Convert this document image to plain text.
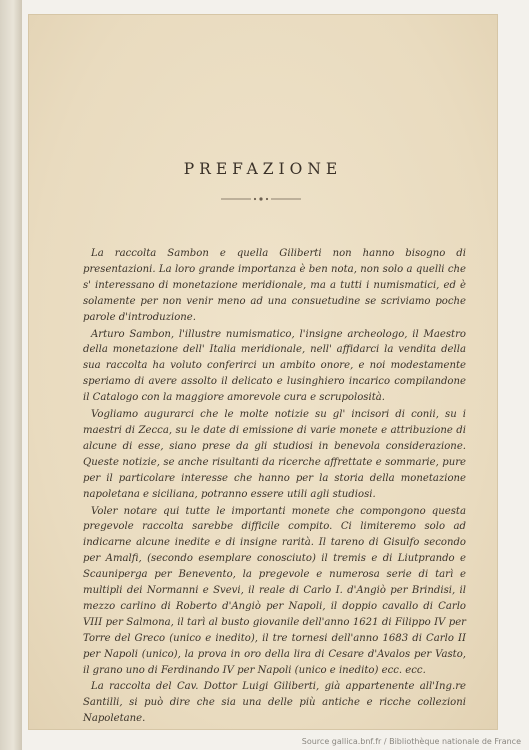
PREFAZIONE

La raccolta Sambon e quella Giliberti non hanno bisogno di presentazioni. La loro grande importanza è ben nota, non solo a quelli che s' interessano di monetazione meridionale, ma a tutti i numismatici, ed è solamente per non venir meno ad una consuetudine se scriviamo poche parole d'introduzione.

Arturo Sambon, l'illustre numismatico, l'insigne archeologo, il Maestro della monetazione dell' Italia meridionale, nell' affidarci la vendita della sua raccolta ha voluto conferirci un ambito onore, e noi modestamente speriamo di avere assolto il delicato e lusinghiero incarico compilandone il Catalogo con la maggiore amorevole cura e scrupolosità.

Vogliamo augurarci che le molte notizie su gl' incisori di conii, su i maestri di Zecca, su le date di emissione di varie monete e attribuzione di alcune di esse, siano prese da gli studiosi in benevola considerazione. Queste notizie, se anche risultanti da ricerche affrettate e sommarie, pure per il particolare interesse che hanno per la storia della monetazione napoletana e siciliana, potranno essere utili agli studiosi.

Voler notare qui tutte le importanti monete che compongono questa pregevole raccolta sarebbe difficile compito. Ci limiteremo solo ad indicarne alcune inedite e di insigne rarità. Il tareno di Gisulfo secondo per Amalfi, (secondo esemplare conosciuto) il tremis e di Liutprando e Scauniperga per Benevento, la pregevole e numerosa serie di tarì e multipli dei Normanni e Svevi, il reale di Carlo I. d'Angiò per Brindisi, il mezzo carlino di Roberto d'Angiò per Napoli, il doppio cavallo di Carlo VIII per Salmona, il tarì al busto giovanile dell'anno 1621 di Filippo IV per Torre del Greco (unico e inedito), il tre tornesi dell'anno 1683 di Carlo II per Napoli (unico), la prova in oro della lira di Cesare d'Avalos per Vasto, il grano uno di Ferdinando IV per Napoli (unico e inedito) ecc. ecc.

La raccolta del Cav. Dottor Luigi Giliberti, già appartenente all'Ing.re Santilli, si può dire che sia una delle più antiche e ricche collezioni Napoletane.

Source gallica.bnf.fr / Bibliothèque nationale de France
